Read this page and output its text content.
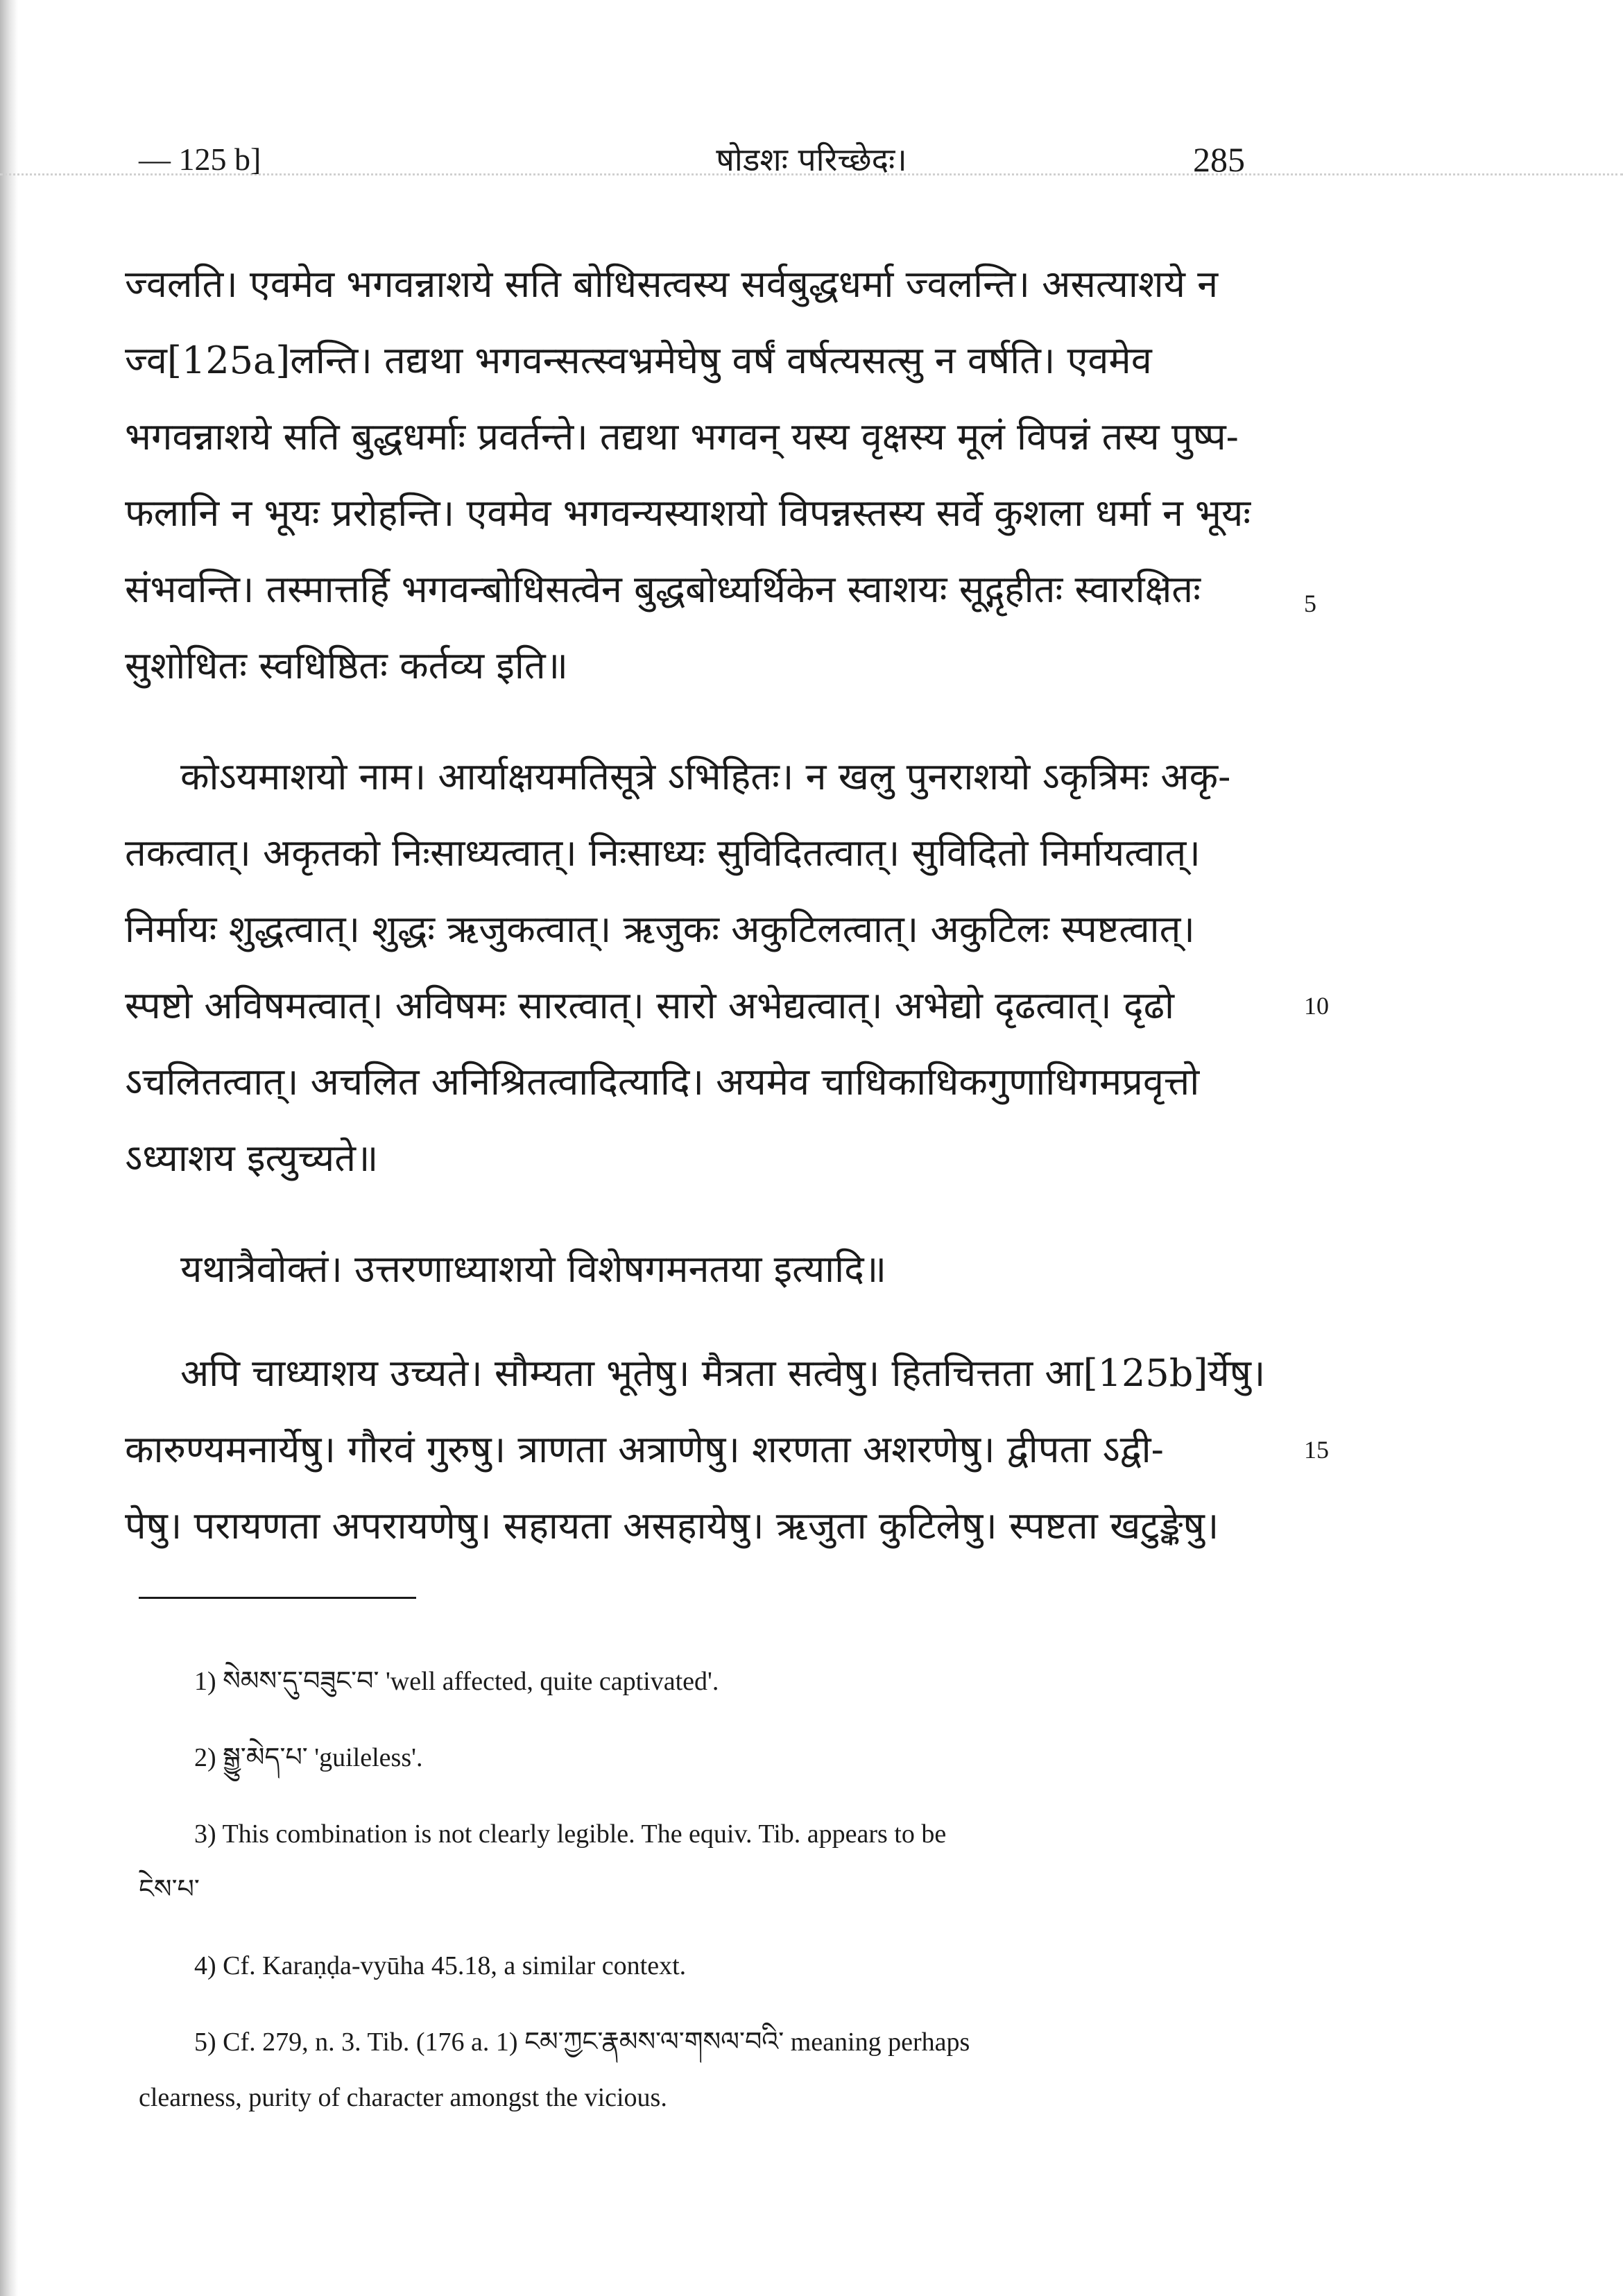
— 125 b]	षोडशः परिच्छेदः।	285
ज्वलति। एवमेव भगवन्नाशये सति बोधिसत्वस्य सर्वबुद्धधर्मा ज्वलन्ति। असत्याशये न
ज्व[125a]लन्ति। तद्यथा भगवन्सत्स्वभ्रमेघेषु वर्षं वर्षत्यसत्सु न वर्षति। एवमेव
भगवन्नाशये सति बुद्धधर्माः प्रवर्तन्ते। तद्यथा भगवन् यस्य वृक्षस्य मूलं विपन्नं तस्य पुष्प-
फलानि न भूयः प्ररोहन्ति। एवमेव भगवन्यस्याशयो विपन्नस्तस्य सर्वे कुशला धर्मा न भूयः
संभवन्ति। तस्मात्तर्हि भगवन्बोधिसत्वेन बुद्धबोध्यर्थिकेन स्वाशयः सूद्गृहीतः स्वारक्षितः
सुशोधितः स्वधिष्ठितः कर्तव्य इति॥
कोऽयमाशयो नाम। आर्याक्षयमतिसूत्रे ऽभिहितः। न खलु पुनराशयो ऽकृत्रिमः अकृ-
तकत्वात्। अकृतको निःसाध्यत्वात्। निःसाध्यः सुविदितत्वात्। सुविदितो निर्मायत्वात्।
निर्मायः शुद्धत्वात्। शुद्धः ऋजुकत्वात्। ऋजुकः अकुटिलत्वात्। अकुटिलः स्पष्टत्वात्।
स्पष्टो अविषमत्वात्। अविषमः सारत्वात्। सारो अभेद्यत्वात्। अभेद्यो दृढत्वात्। दृढो
ऽचलितत्वात्। अचलित अनिश्रितत्वादित्यादि। अयमेव चाधिकाधिकगुणाधिगमप्रवृत्तो
ऽध्याशय इत्युच्यते॥
यथात्रैवोक्तं। उत्तरणाध्याशयो विशेषगमनतया इत्यादि॥
अपि चाध्याशय उच्यते। सौम्यता भूतेषु। मैत्रता सत्वेषु। हितचित्तता आ[125b]र्येषु।
कारुण्यमनार्येषु। गौरवं गुरुषु। त्राणता अत्राणेषु। शरणता अशरणेषु। द्वीपता ऽद्वी-
पेषु। परायणता अपरायणेषु। सहायता असहायेषु। ऋजुता कुटिलेषु। स्पष्टता खटुङ्केषु।
5
10
15
1) སེམས་དུ་བཟུང་བ་ 'well affected, quite captivated'.
2) སྒྱུ་མེད་པ་ 'guileless'.
3) This combination is not clearly legible. The equiv. Tib. appears to be
ངེས་པ་
4) Cf. Karaṇḍa-vyūha 45.18, a similar context.
5) Cf. 279, n. 3. Tib. (176 a. 1) ངམ་ཀྱང་རྣམས་ལ་གསལ་བའི་ meaning perhaps
clearness, purity of character amongst the vicious.
